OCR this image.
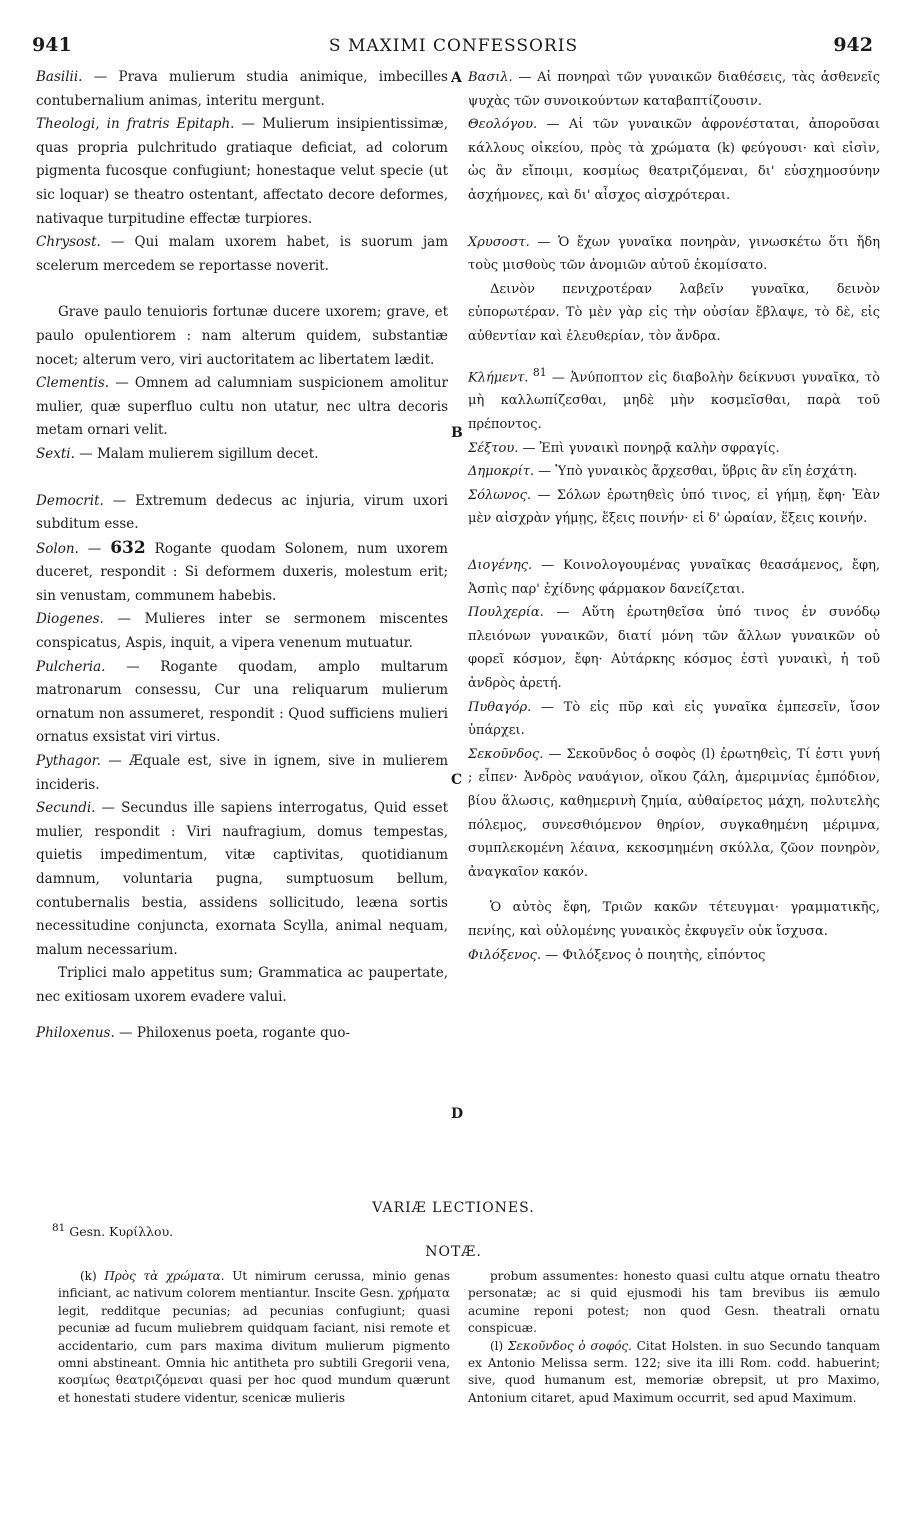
941	S MAXIMI CONFESSORIS	942

Basilii. — Prava mulierum studia animique, imbecilles contubernalium animas, interitu mergunt.

Theologi, in fratris Epitaph. — Mulierum insipientissimæ, quas propria pulchritudo gratiaque deficiat, ad colorum pigmenta fucosque confugiunt; honestaque velut specie (ut sic loquar) se theatro ostentant, affectato decore deformes, nativaque turpitudine effectæ turpiores.

Chrysost. — Qui malam uxorem habet, is suorum jam scelerum mercedem se reportasse noverit.

Grave paulo tenuioris fortunæ ducere uxorem; grave, et paulo opulentiorem : nam alterum quidem, substantiæ nocet; alterum vero, viri auctoritatem ac libertatem lædit.

Clementis. — Omnem ad calumniam suspicionem amolitur mulier, quæ superfluo cultu non utatur, nec ultra decoris metam ornari velit.

Sexti. — Malam mulierem sigillum decet.

Democrit. — Extremum dedecus ac injuria, virum uxori subditum esse.

Solon. — 632 Rogante quodam Solonem, num uxorem duceret, respondit : Si deformem duxeris, molestum erit; sin venustam, communem habebis.

Diogenes. — Mulieres inter se sermonem miscentes conspicatus, Aspis, inquit, a vipera venenum mutuatur.

Pulcheria. — Rogante quodam, amplo multarum matronarum consessu, Cur una reliquarum mulierum ornatum non assumeret, respondit : Quod sufficiens mulieri ornatus exsistat viri virtus.

Pythagor. — Æquale est, sive in ignem, sive in mulierem incideris.

Secundi. — Secundus ille sapiens interrogatus, Quid esset mulier, respondit : Viri naufragium, domus tempestas, quietis impedimentum, vitæ captivitas, quotidianum damnum, voluntaria pugna, sumptuosum bellum, contubernalis bestia, assidens sollicitudo, leæna sortis necessitudine conjuncta, exornata Scylla, animal nequam, malum necessarium.

Triplici malo appetitus sum; Grammatica ac paupertate, nec exitiosam uxorem evadere valui.

Philoxenus. — Philoxenus poeta, rogante quo-

Βασιλ. — Αἱ πονηραὶ τῶν γυναικῶν διαθέσεις, τὰς ἀσθενεῖς ψυχὰς τῶν συνοικούντων καταβαπτίζουσιν.

Θεολόγου. — Αἱ τῶν γυναικῶν ἀφρονέσταται, ἀποροῦσαι κάλλους οἰκείου, πρὸς τὰ χρώματα (k) φεύγουσι· καὶ εἰσὶν, ὡς ἂν εἴποιμι, κοσμίως θεατριζόμεναι, δι' εὐσχημοσύνην ἀσχήμονες, καὶ δι' αἶσχος αἰσχρότεραι.

Χρυσοστ. — Ὁ ἔχων γυναῖκα πονηρὰν, γινωσκέτω ὅτι ἤδη τοὺς μισθοὺς τῶν ἀνομιῶν αὐτοῦ ἐκομίσατο.

Δεινὸν πενιχροτέραν λαβεῖν γυναῖκα, δεινὸν εὐπορωτέραν. Τὸ μὲν γὰρ εἰς τὴν οὐσίαν ἔβλαψε, τὸ δὲ, εἰς αὐθεντίαν καὶ ἐλευθερίαν, τὸν ἄνδρα.

Κλήμεντ. $^{81}$ — Ἀνύποπτον εἰς διαβολὴν δείκνυσι γυναῖκα, τὸ μὴ καλλωπίζεσθαι, μηδὲ μὴν κοσμεῖσθαι, παρὰ τοῦ πρέποντος.

Σέξτου. — Ἐπὶ γυναικὶ πονηρᾷ καλὴν σφραγίς.

Δημοκρίτ. — Ὑπὸ γυναικὸς ἄρχεσθαι, ὕβρις ἂν εἴη ἐσχάτη.

Σόλωνος. — Σόλων ἐρωτηθεὶς ὑπό τινος, εἰ γήμῃ, ἔφη· Ἐὰν μὲν αἰσχρὰν γήμῃς, ἕξεις ποινήν· εἰ δ' ὡραίαν, ἕξεις κοινήν.

Διογένης. — Κοινολογουμένας γυναῖκας θεασάμενος, ἔφη, Ἀσπὶς παρ' ἐχίδνης φάρμακον δανείζεται.

Πουλχερία. — Αὕτη ἐρωτηθεῖσα ὑπό τινος ἐν συνόδῳ πλειόνων γυναικῶν, διατί μόνη τῶν ἄλλων γυναικῶν οὐ φορεῖ κόσμον, ἔφη· Αὐτάρκης κόσμος ἐστὶ γυναικὶ, ἡ τοῦ ἀνδρὸς ἀρετή.

Πυθαγόρ. — Τὸ εἰς πῦρ καὶ εἰς γυναῖκα ἐμπεσεῖν, ἴσον ὑπάρχει.

Σεκοῦνδος. — Σεκοῦνδος ὁ σοφὸς (l) ἐρωτηθεὶς, Τί ἐστι γυνή ; εἶπεν· Ἀνδρὸς ναυάγιον, οἴκου ζάλη, ἀμεριμνίας ἐμπόδιον, βίου ἅλωσις, καθημερινὴ ζημία, αὐθαίρετος μάχη, πολυτελὴς πόλεμος, συνεσθιόμενον θηρίον, συγκαθημένη μέριμνα, συμπλεκομένη λέαινα, κεκοσμημένη σκύλλα, ζῶον πονηρὸν, ἀναγκαῖον κακόν.

Ὁ αὐτὸς ἔφη, Τριῶν κακῶν τέτευγμαι· γραμματικῆς, πενίης, καὶ οὐλομένης γυναικὸς ἐκφυγεῖν οὐκ ἴσχυσα.

Φιλόξενος. — Φιλόξενος ὁ ποιητὴς, εἰπόντος

A
B
C
D
VARIÆ LECTIONES.
$^{81}$ Gesn. Κυρίλλου.
NOTÆ.

(k) Πρὸς τὰ χρώματα. Ut nimirum cerussa, minio genas inficiant, ac nativum colorem mentiantur. Inscite Gesn. χρήματα legit, redditque pecunias; ad pecunias confugiunt; quasi pecuniæ ad fucum muliebrem quidquam faciant, nisi remote et accidentario, cum pars maxima divitum mulierum pigmento omni abstineant. Omnia hic antitheta pro subtili Gregorii vena, κοσμίως θεατριζόμεναι quasi per hoc quod mundum quærunt et honestati studere videntur, scenicæ mulieris

probum assumentes: honesto quasi cultu atque ornatu theatro personatæ; ac si quid ejusmodi his tam brevibus iis æmulo acumine reponi potest; non quod Gesn. theatrali ornatu conspicuæ.

(l) Σεκοῦνδος ὁ σοφός. Citat Holsten. in suo Secundo tanquam ex Antonio Melissa serm. 122; sive ita illi Rom. codd. habuerint; sive, quod humanum est, memoriæ obrepsit, ut pro Maximo, Antonium citaret, apud Maximum occurrit, sed apud Maximum.
